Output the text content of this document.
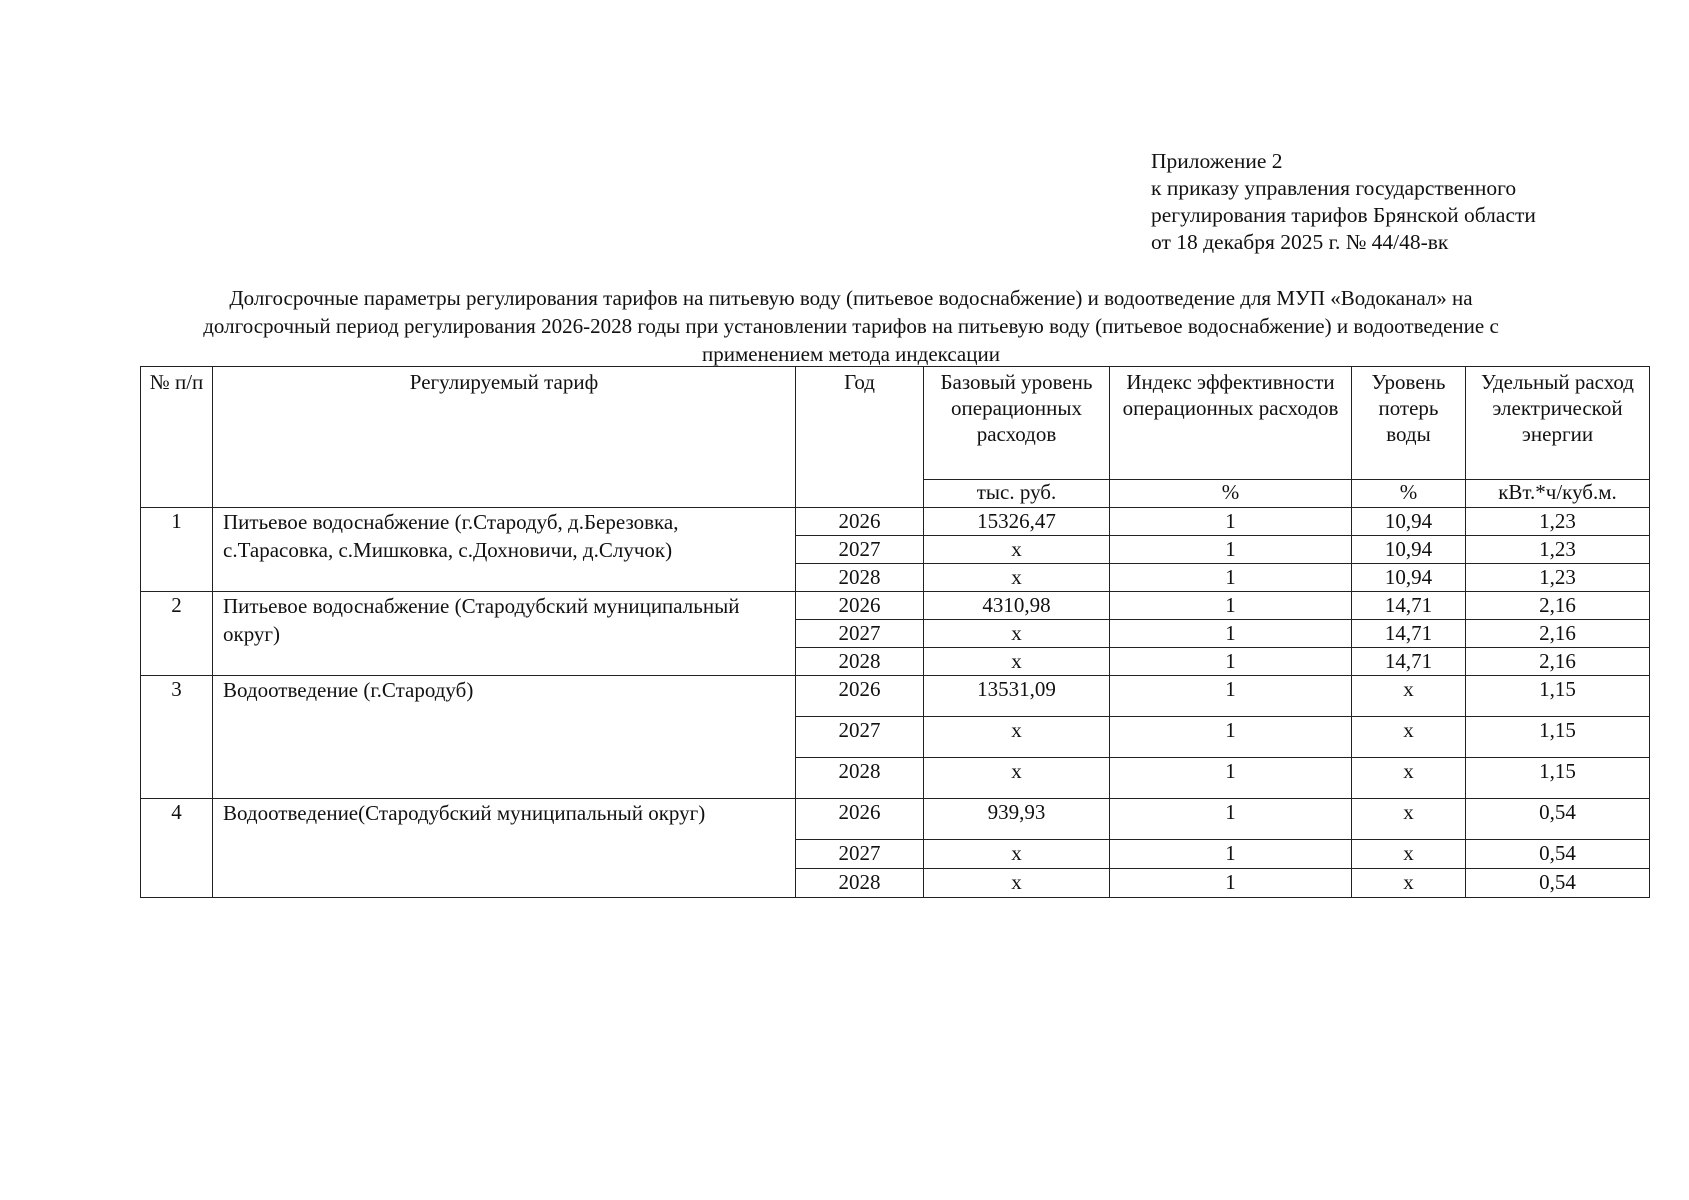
Приложение 2
к приказу управления государственного
регулирования тарифов Брянской области
от 18 декабря 2025 г. № 44/48-вк
Долгосрочные параметры регулирования тарифов на питьевую воду (питьевое водоснабжение) и водоотведение для МУП «Водоканал» на
долгосрочный период регулирования 2026-2028 годы при установлении тарифов на питьевую воду (питьевое водоснабжение) и водоотведение с
применением метода индексации
№ п/п	Регулируемый тариф	Год	Базовый уровень операционных расходов	Индекс эффективности операционных расходов	Уровень потерь воды	Удельный расход электрической энергии
			тыс. руб.	%	%	кВт.*ч/куб.м.
1	Питьевое водоснабжение (г.Стародуб, д.Березовка, с.Тарасовка, с.Мишковка, с.Дохновичи, д.Случок)	2026	15326,47	1	10,94	1,23
		2027	x	1	10,94	1,23
		2028	x	1	10,94	1,23
2	Питьевое водоснабжение (Стародубский муниципальный округ)	2026	4310,98	1	14,71	2,16
		2027	x	1	14,71	2,16
		2028	x	1	14,71	2,16
3	Водоотведение (г.Стародуб)	2026	13531,09	1	x	1,15
		2027	x	1	x	1,15
		2028	x	1	x	1,15
4	Водоотведение(Стародубский муниципальный округ)	2026	939,93	1	x	0,54
		2027	x	1	x	0,54
		2028	x	1	x	0,54
